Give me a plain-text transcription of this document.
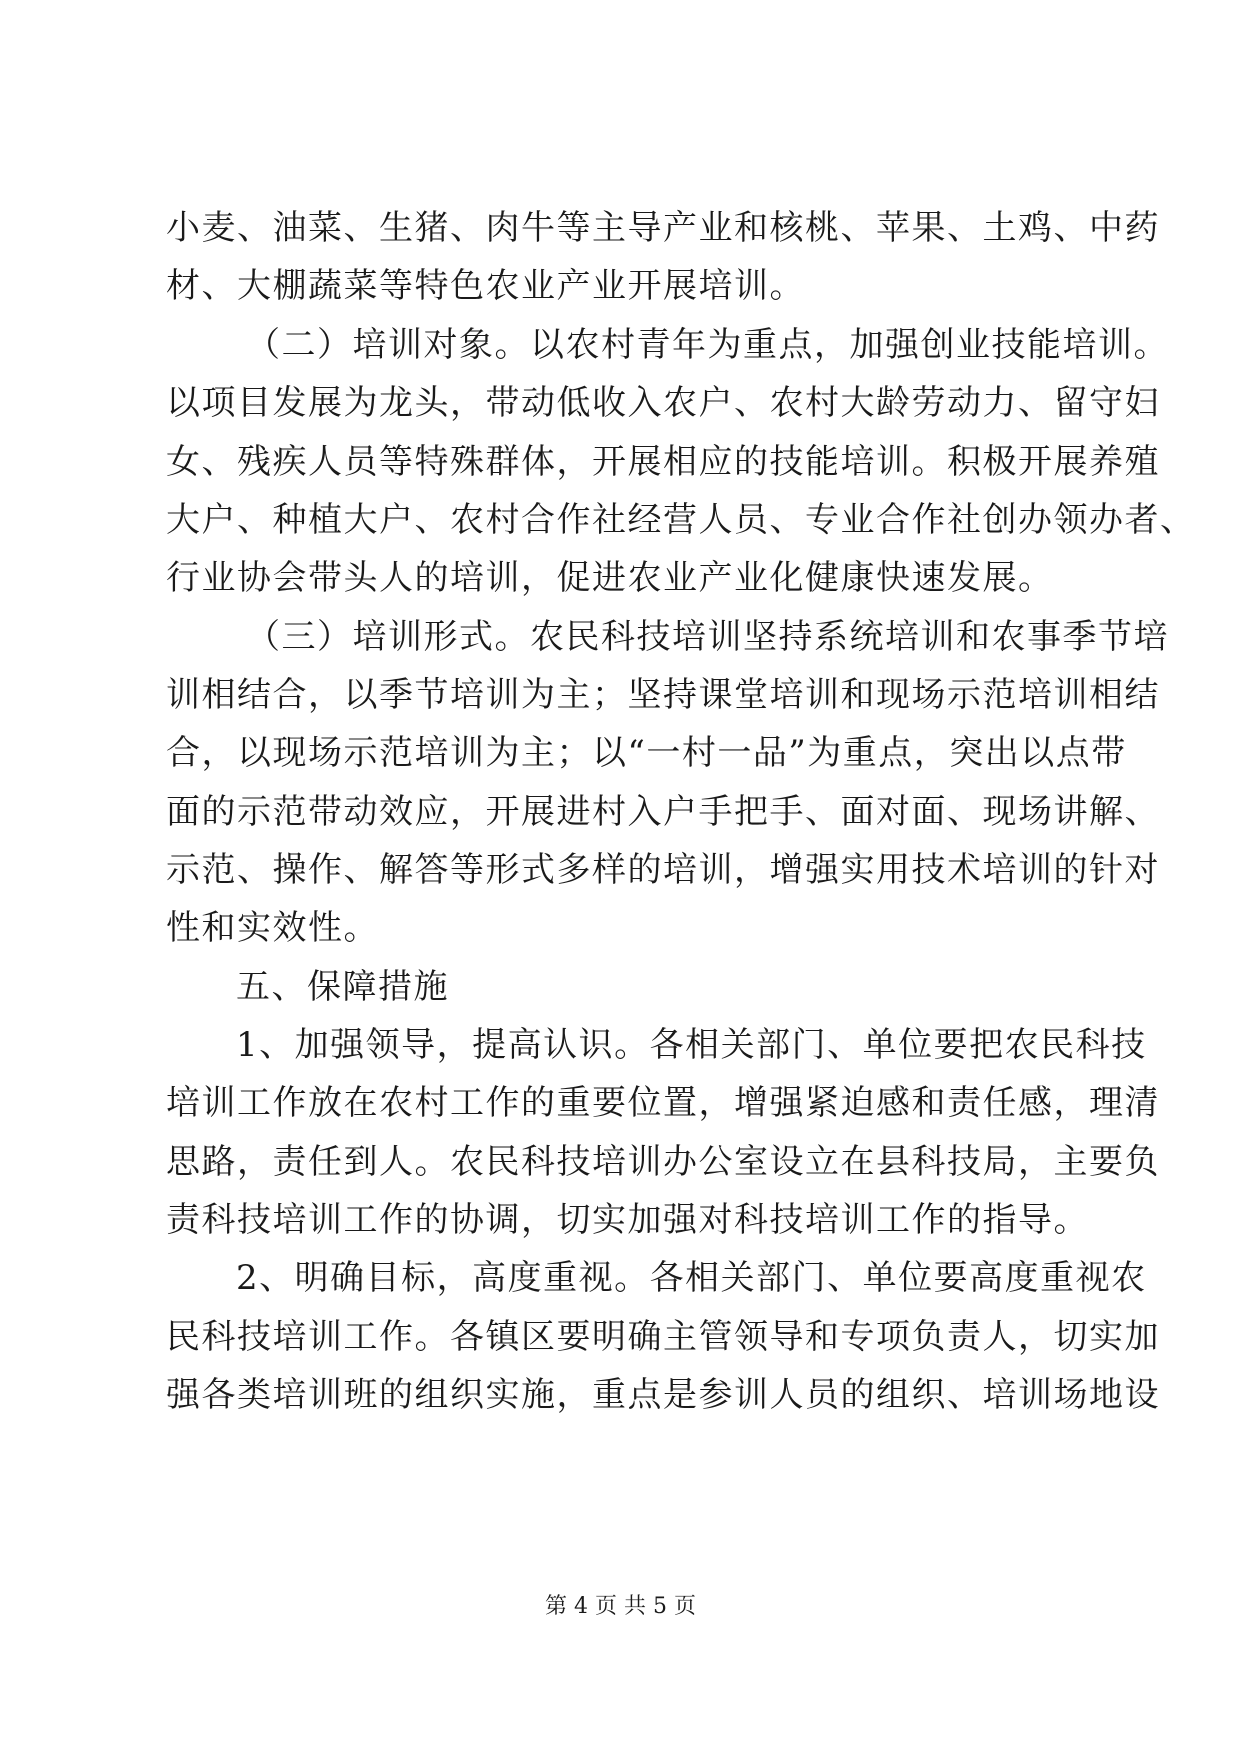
小麦、油菜、生猪、肉牛等主导产业和核桃、苹果、土鸡、中药
材、大棚蔬菜等特色农业产业开展培训。
（二）培训对象。以农村青年为重点，加强创业技能培训。
以项目发展为龙头，带动低收入农户、农村大龄劳动力、留守妇
女、残疾人员等特殊群体，开展相应的技能培训。积极开展养殖
大户、种植大户、农村合作社经营人员、专业合作社创办领办者、
行业协会带头人的培训，促进农业产业化健康快速发展。
（三）培训形式。农民科技培训坚持系统培训和农事季节培
训相结合，以季节培训为主；坚持课堂培训和现场示范培训相结
合，以现场示范培训为主；以“一村一品”为重点，突出以点带
面的示范带动效应，开展进村入户手把手、面对面、现场讲解、
示范、操作、解答等形式多样的培训，增强实用技术培训的针对
性和实效性。
五、保障措施
1、加强领导，提高认识。各相关部门、单位要把农民科技
培训工作放在农村工作的重要位置，增强紧迫感和责任感，理清
思路，责任到人。农民科技培训办公室设立在县科技局，主要负
责科技培训工作的协调，切实加强对科技培训工作的指导。
2、明确目标，高度重视。各相关部门、单位要高度重视农
民科技培训工作。各镇区要明确主管领导和专项负责人，切实加
强各类培训班的组织实施，重点是参训人员的组织、培训场地设
第 4 页 共 5 页
